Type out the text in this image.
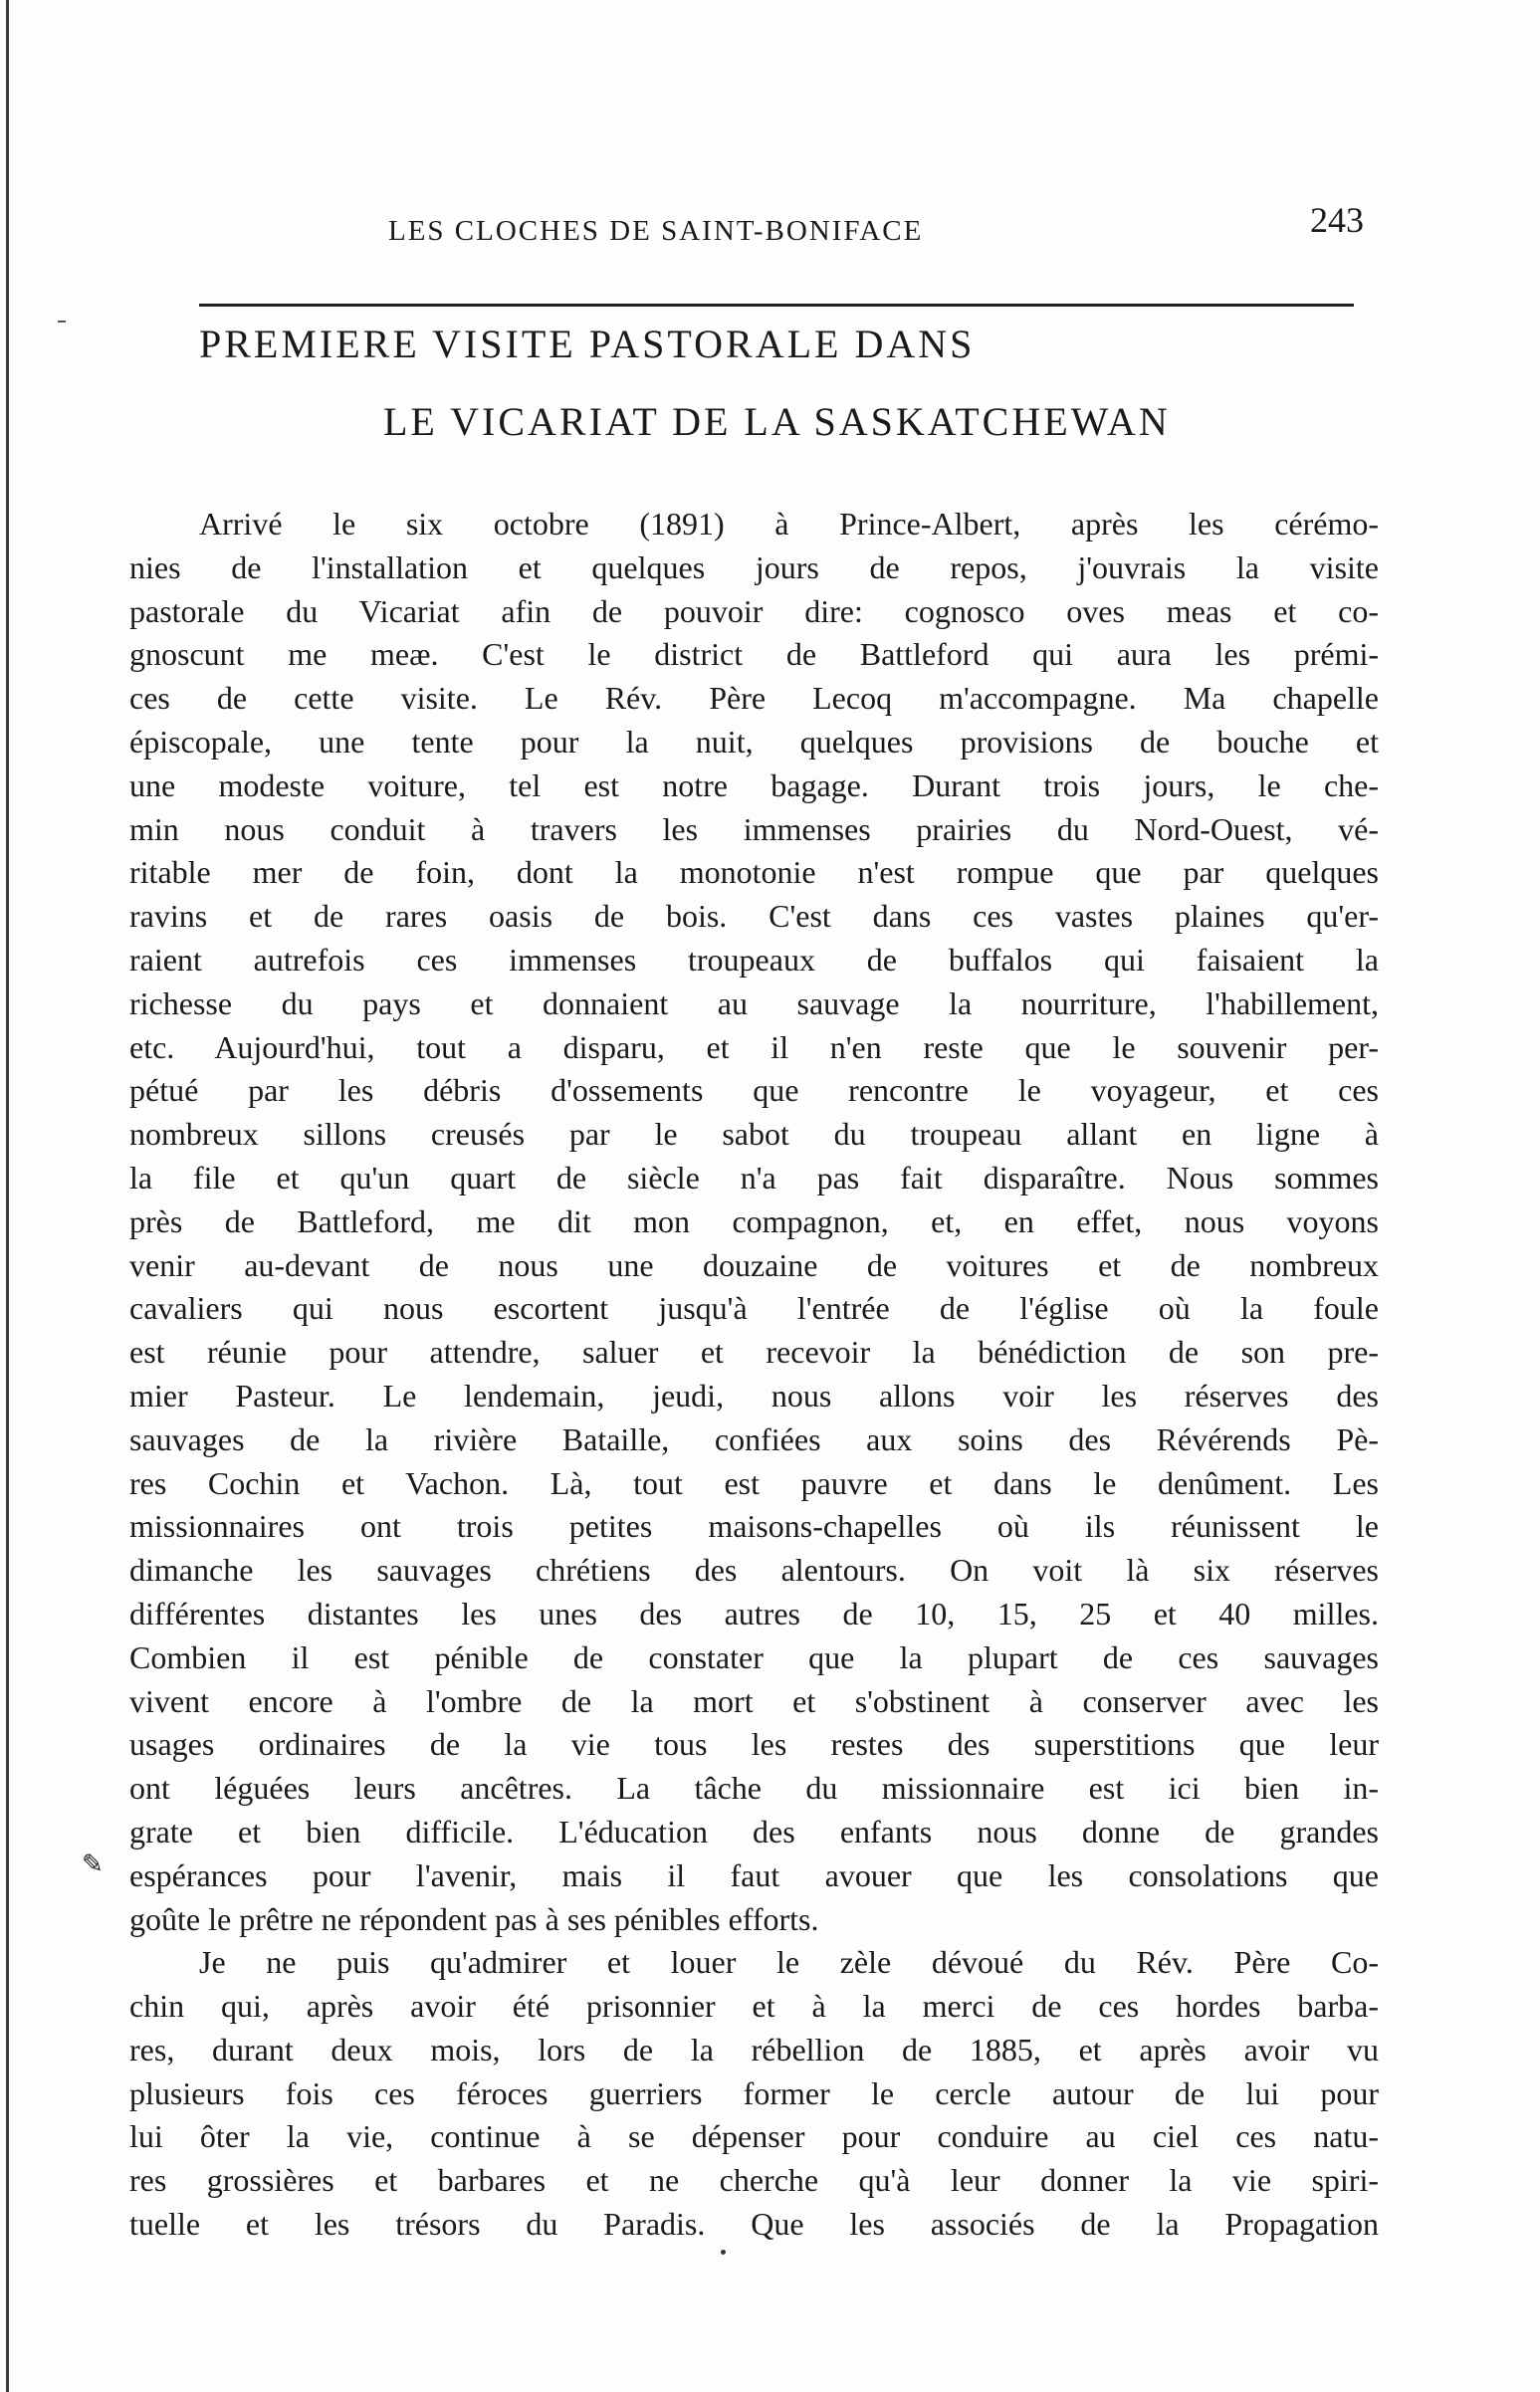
LES CLOCHES DE SAINT-BONIFACE	243
PREMIERE VISITE PASTORALE DANS
LE VICARIAT DE LA SASKATCHEWAN
Arrivé le six octobre (1891) à Prince-Albert, après les cérémo-
nies de l'installation et quelques jours de repos, j'ouvrais la visite
pastorale du Vicariat afin de pouvoir dire: cognosco oves meas et co-
gnoscunt me meæ. C'est le district de Battleford qui aura les prémi-
ces de cette visite. Le Rév. Père Lecoq m'accompagne. Ma chapelle
épiscopale, une tente pour la nuit, quelques provisions de bouche et
une modeste voiture, tel est notre bagage. Durant trois jours, le che-
min nous conduit à travers les immenses prairies du Nord-Ouest, vé-
ritable mer de foin, dont la monotonie n'est rompue que par quelques
ravins et de rares oasis de bois. C'est dans ces vastes plaines qu'er-
raient autrefois ces immenses troupeaux de buffalos qui faisaient la
richesse du pays et donnaient au sauvage la nourriture, l'habillement,
etc. Aujourd'hui, tout a disparu, et il n'en reste que le souvenir per-
pétué par les débris d'ossements que rencontre le voyageur, et ces
nombreux sillons creusés par le sabot du troupeau allant en ligne à
la file et qu'un quart de siècle n'a pas fait disparaître. Nous sommes
près de Battleford, me dit mon compagnon, et, en effet, nous voyons
venir au-devant de nous une douzaine de voitures et de nombreux
cavaliers qui nous escortent jusqu'à l'entrée de l'église où la foule
est réunie pour attendre, saluer et recevoir la bénédiction de son pre-
mier Pasteur. Le lendemain, jeudi, nous allons voir les réserves des
sauvages de la rivière Bataille, confiées aux soins des Révérends Pè-
res Cochin et Vachon. Là, tout est pauvre et dans le denûment. Les
missionnaires ont trois petites maisons-chapelles où ils réunissent le
dimanche les sauvages chrétiens des alentours. On voit là six réserves
différentes distantes les unes des autres de 10, 15, 25 et 40 milles.
Combien il est pénible de constater que la plupart de ces sauvages
vivent encore à l'ombre de la mort et s'obstinent à conserver avec les
usages ordinaires de la vie tous les restes des superstitions que leur
ont léguées leurs ancêtres. La tâche du missionnaire est ici bien in-
grate et bien difficile. L'éducation des enfants nous donne de grandes
espérances pour l'avenir, mais il faut avouer que les consolations que
goûte le prêtre ne répondent pas à ses pénibles efforts.
Je ne puis qu'admirer et louer le zèle dévoué du Rév. Père Co-
chin qui, après avoir été prisonnier et à la merci de ces hordes barba-
res, durant deux mois, lors de la rébellion de 1885, et après avoir vu
plusieurs fois ces féroces guerriers former le cercle autour de lui pour
lui ôter la vie, continue à se dépenser pour conduire au ciel ces natu-
res grossières et barbares et ne cherche qu'à leur donner la vie spiri-
tuelle et les trésors du Paradis. Que les associés de la Propagation
✎
